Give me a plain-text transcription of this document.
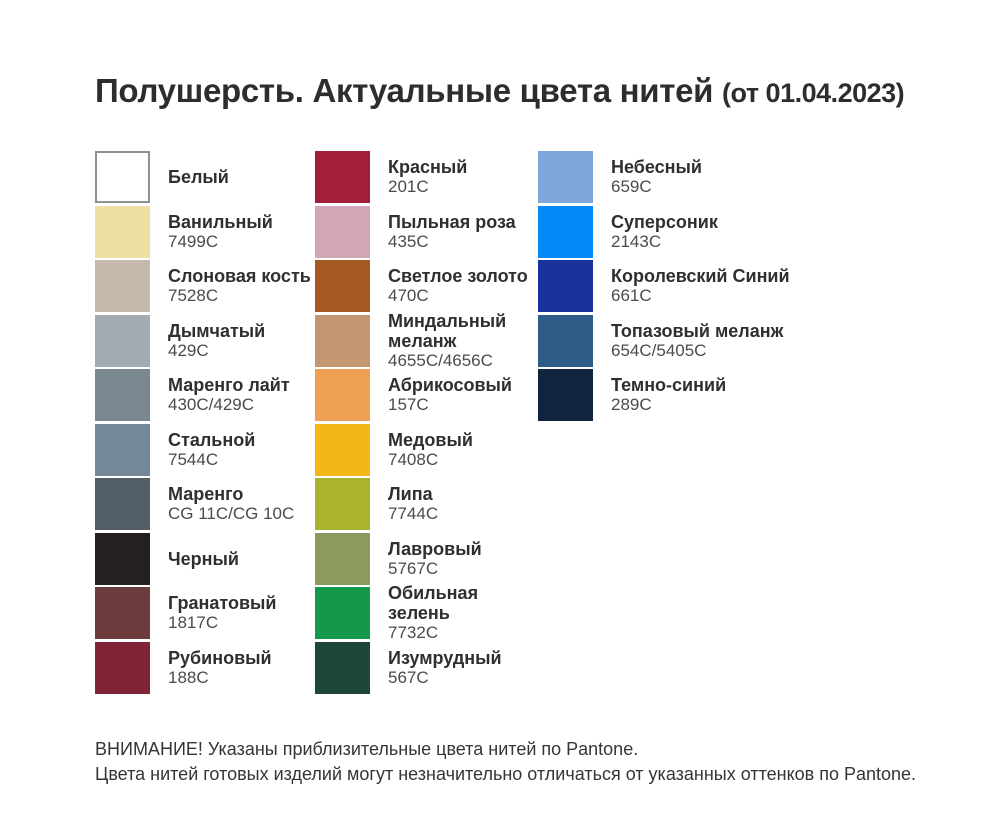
Полушерсть. Актуальные цвета нитей (от 01.04.2023)
Белый
Ванильный
7499C
Слоновая кость
7528C
Дымчатый
429C
Маренго лайт
430C/429C
Стальной
7544C
Маренго
CG 11C/CG 10C
Черный
Гранатовый
1817C
Рубиновый
188C
Красный
201C
Пыльная роза
435C
Светлое золото
470C
Миндальный меланж
4655C/4656C
Абрикосовый
157C
Медовый
7408C
Липа
7744C
Лавровый
5767C
Обильная зелень
7732C
Изумрудный
567C
Небесный
659C
Суперсоник
2143C
Королевский Синий
661C
Топазовый меланж
654C/5405C
Темно-синий
289C
ВНИМАНИЕ! Указаны приблизительные цвета нитей по Pantone.
Цвета нитей готовых изделий могут незначительно отличаться от указанных оттенков по Pantone.
